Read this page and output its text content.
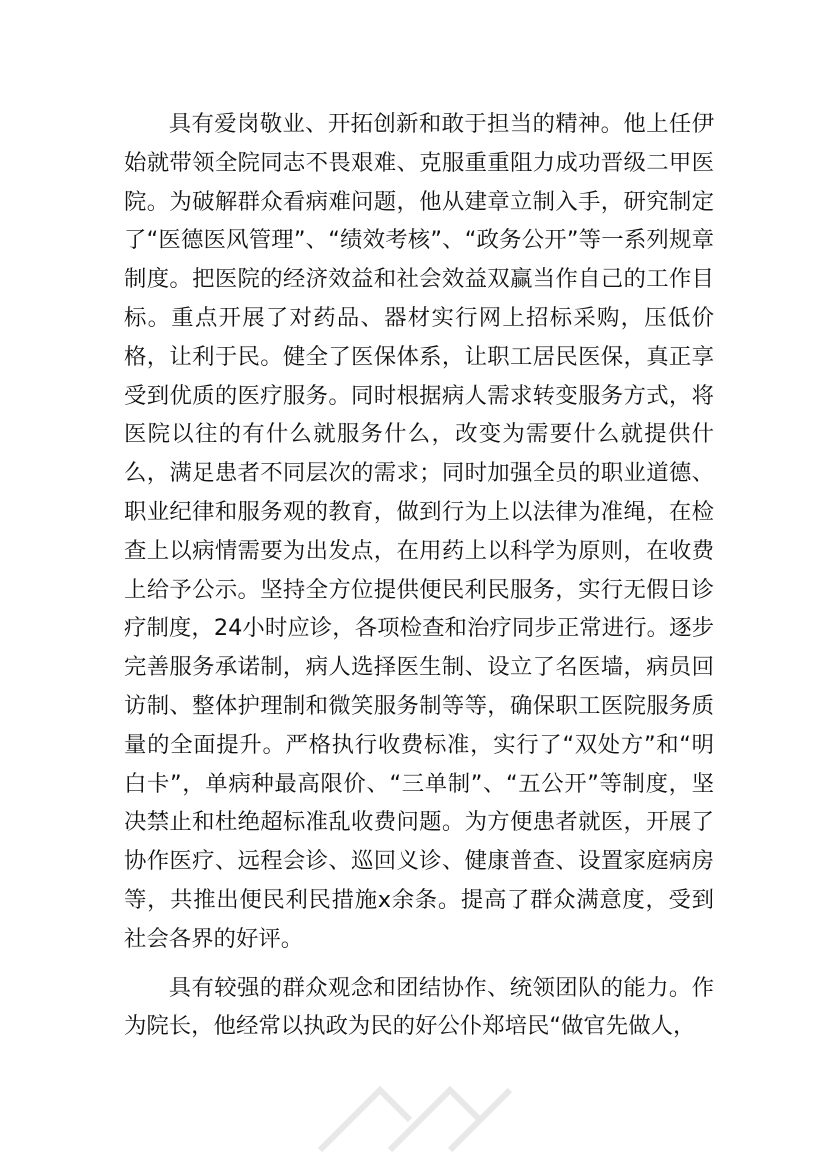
具有爱岗敬业、开拓创新和敢于担当的精神。他上任伊始就带领全院同志不畏艰难、克服重重阻力成功晋级二甲医院。为破解群众看病难问题，他从建章立制入手，研究制定了“医德医风管理”、“绩效考核”、“政务公开”等一系列规章制度。把医院的经济效益和社会效益双赢当作自己的工作目标。重点开展了对药品、器材实行网上招标采购，压低价格，让利于民。健全了医保体系，让职工居民医保，真正享受到优质的医疗服务。同时根据病人需求转变服务方式，将医院以往的有什么就服务什么，改变为需要什么就提供什么，满足患者不同层次的需求；同时加强全员的职业道德、职业纪律和服务观的教育，做到行为上以法律为准绳，在检查上以病情需要为出发点，在用药上以科学为原则，在收费上给予公示。坚持全方位提供便民利民服务，实行无假日诊疗制度，24小时应诊，各项检查和治疗同步正常进行。逐步完善服务承诺制，病人选择医生制、设立了名医墙，病员回访制、整体护理制和微笑服务制等等，确保职工医院服务质量的全面提升。严格执行收费标准，实行了“双处方”和“明白卡”，单病种最高限价、“三单制”、“五公开”等制度，坚决禁止和杜绝超标准乱收费问题。为方便患者就医，开展了协作医疗、远程会诊、巡回义诊、健康普查、设置家庭病房等，共推出便民利民措施x余条。提高了群众满意度，受到社会各界的好评。

具有较强的群众观念和团结协作、统领团队的能力。作为院长，他经常以执政为民的好公仆郑培民“做官先做人，
